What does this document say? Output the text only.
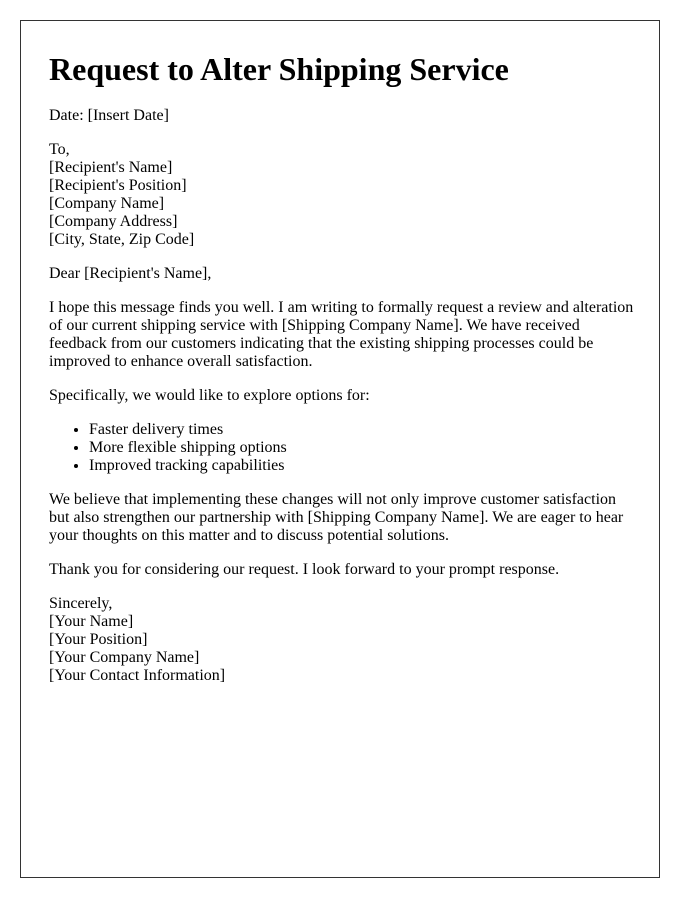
Request to Alter Shipping Service
Date: [Insert Date]
To,
[Recipient's Name]
[Recipient's Position]
[Company Name]
[Company Address]
[City, State, Zip Code]

Dear [Recipient's Name],

I hope this message finds you well. I am writing to formally request a review and alteration of our current shipping service with [Shipping Company Name]. We have received feedback from our customers indicating that the existing shipping processes could be improved to enhance overall satisfaction.

Specifically, we would like to explore options for:

• Faster delivery times
• More flexible shipping options
• Improved tracking capabilities

We believe that implementing these changes will not only improve customer satisfaction but also strengthen our partnership with [Shipping Company Name]. We are eager to hear your thoughts on this matter and to discuss potential solutions.

Thank you for considering our request. I look forward to your prompt response.

Sincerely,
[Your Name]
[Your Position]
[Your Company Name]
[Your Contact Information]
